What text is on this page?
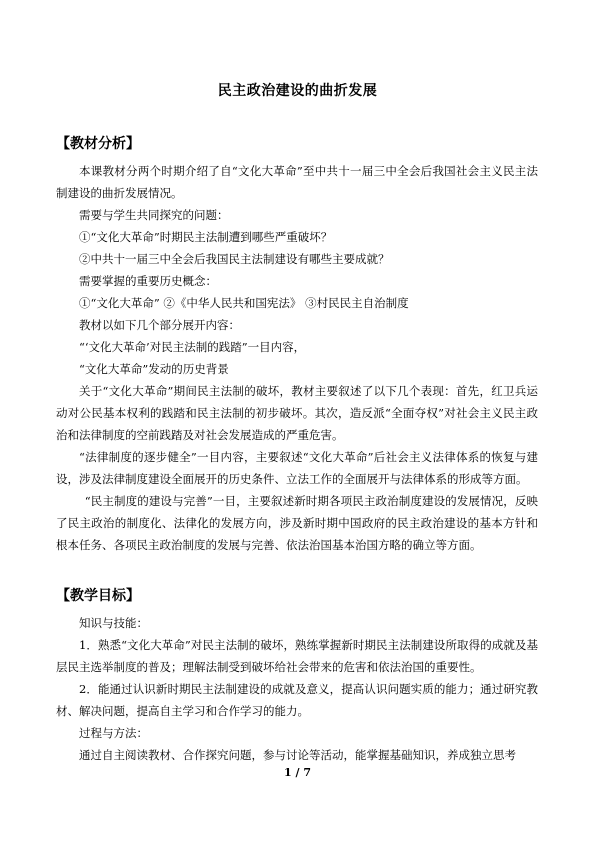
民主政治建设的曲折发展
【教材分析】

本课教材分两个时期介绍了自“文化大革命”至中共十一届三中全会后我国社会主义民主法制建设的曲折发展情况。

需要与学生共同探究的问题：

①“文化大革命”时期民主法制遭到哪些严重破坏？

②中共十一届三中全会后我国民主法制建设有哪些主要成就？

需要掌握的重要历史概念：

①“文化大革命” ②《中华人民共和国宪法》 ③村民民主自治制度

教材以如下几个部分展开内容：

“‘文化大革命’对民主法制的践踏”一目内容，

“文化大革命”发动的历史背景

关于“文化大革命”期间民主法制的破坏，教材主要叙述了以下几个表现：首先，红卫兵运动对公民基本权利的践踏和民主法制的初步破坏。其次，造反派“全面夺权”对社会主义民主政治和法律制度的空前践踏及对社会发展造成的严重危害。

“法律制度的逐步健全”一目内容，主要叙述“文化大革命”后社会主义法律体系的恢复与建设，涉及法律制度建设全面展开的历史条件、立法工作的全面展开与法律体系的形成等方面。

“民主制度的建设与完善”一目，主要叙述新时期各项民主政治制度建设的发展情况，反映了民主政治的制度化、法律化的发展方向，涉及新时期中国政府的民主政治建设的基本方针和根本任务、各项民主政治制度的发展与完善、依法治国基本治国方略的确立等方面。

【教学目标】

知识与技能：

1．熟悉“文化大革命”对民主法制的破坏，熟练掌握新时期民主法制建设所取得的成就及基层民主选举制度的普及；理解法制受到破坏给社会带来的危害和依法治国的重要性。

2．能通过认识新时期民主法制建设的成就及意义，提高认识问题实质的能力；通过研究教材、解决问题，提高自主学习和合作学习的能力。

过程与方法：

通过自主阅读教材、合作探究问题，参与讨论等活动，能掌握基础知识，养成独立思考

1 / 7
